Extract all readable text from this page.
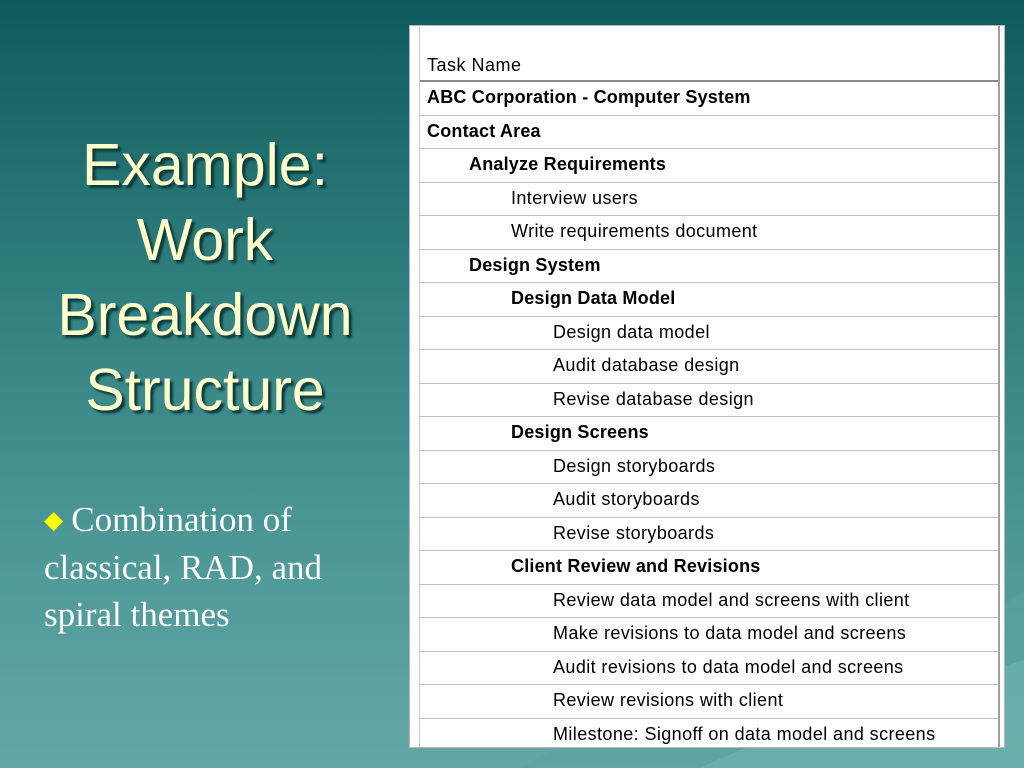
Example:
Work
Breakdown
Structure
◆ Combination of classical, RAD, and spiral themes
Task Name
ABC Corporation - Computer System
Contact Area
Analyze Requirements
Interview users
Write requirements document
Design System
Design Data Model
Design data model
Audit database design
Revise database design
Design Screens
Design storyboards
Audit storyboards
Revise storyboards
Client Review and Revisions
Review data model and screens with client
Make revisions to data model and screens
Audit revisions to data model and screens
Review revisions with client
Milestone: Signoff on data model and screens
